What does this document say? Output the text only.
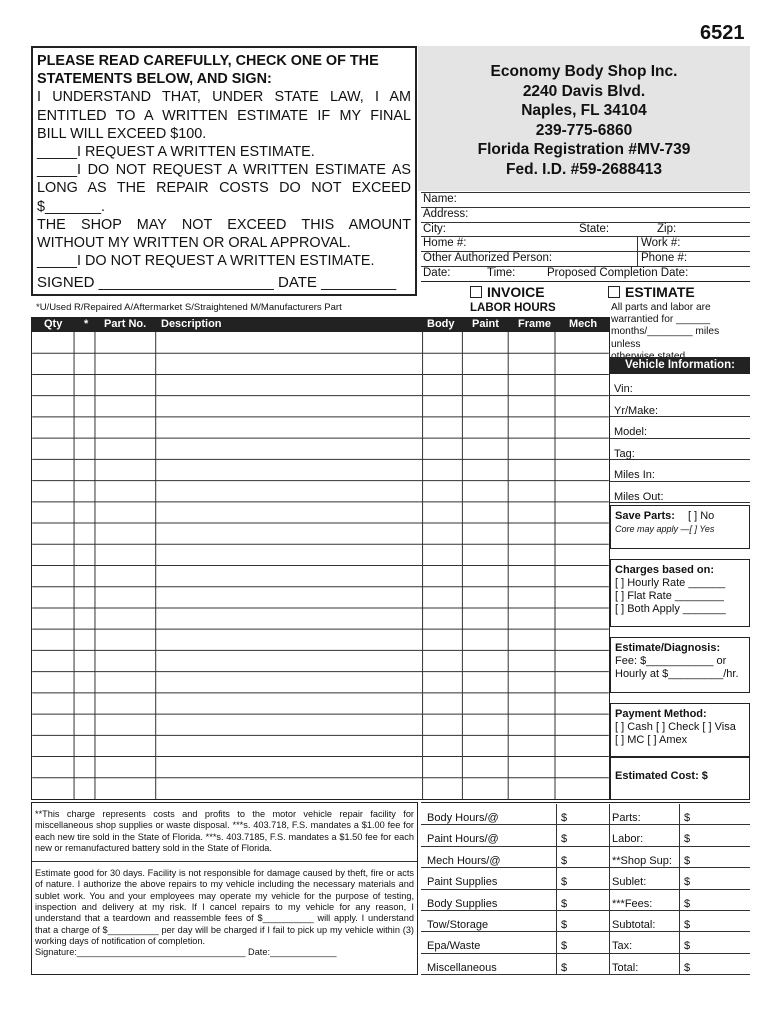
6521
PLEASE READ CAREFULLY, CHECK ONE OF THE
STATEMENTS BELOW, AND SIGN:
I UNDERSTAND THAT, UNDER STATE LAW, I AM
ENTITLED TO A WRITTEN ESTIMATE IF MY FINAL
BILL WILL EXCEED $100.
_____I REQUEST A WRITTEN ESTIMATE.
_____I DO NOT REQUEST A WRITTEN ESTIMATE AS
LONG AS THE REPAIR COSTS DO NOT EXCEED
$_______.
THE SHOP MAY NOT EXCEED THIS AMOUNT
WITHOUT MY WRITTEN OR ORAL APPROVAL.
_____I DO NOT REQUEST A WRITTEN ESTIMATE.
SIGNED _____________________ DATE _________
Economy Body Shop Inc.
2240 Davis Blvd.
Naples, FL 34104
239-775-6860
Florida Registration #MV-739
Fed. I.D. #59-2688413
Name:
Address:
City:	State:	Zip:
Home #:	Work #:
Other Authorized Person:	Phone #:
Date:	Time:	Proposed Completion Date:
INVOICE	ESTIMATE
*U/Used R/Repaired A/Aftermarket S/Straightened M/Manufacturers Part	LABOR HOURS
Qty * Part No. Description	Body Paint Frame Mech
All parts and labor are
warrantied for ______
months/________ miles unless
Vehicle Information:
Vin:
Yr/Make:
Model:
Tag:
Miles In:
Miles Out:
Save Parts: [ ] No
Core may apply —[ ] Yes
Charges based on:
[ ] Hourly Rate ______
[ ] Flat Rate ________
[ ] Both Apply _______
Estimate/Diagnosis:
Fee: $___________ or
Hourly at $_________/hr.
Payment Method:
[ ] Cash [ ] Check [ ] Visa
[ ] MC [ ] Amex
Estimated Cost: $
**This charge represents costs and profits to the motor vehicle repair facility for miscellaneous shop supplies or waste disposal. ***s. 403.718, F.S. mandates a $1.00 fee for each new tire sold in the State of Florida. ***s. 403.7185, F.S. mandates a $1.50 fee for each new or remanufactured battery sold in the State of Florida.
Estimate good for 30 days. Facility is not responsible for damage caused by theft, fire or acts of nature. I authorize the above repairs to my vehicle including the necessary materials and sublet work. You and your employees may operate my vehicle for the purpose of testing, inspection and delivery at my risk. If I cancel repairs to my vehicle for any reason, I understand that a teardown and reassemble fees of $__________ will apply. I understand that a charge of $__________ per day will be charged if I fail to pick up my vehicle within (3) working days of notification of completion.
Signature:_________________________________ Date:_____________
Body Hours/@	$	Parts:	$
Paint Hours/@	$	Labor:	$
Mech Hours/@	$	**Shop Sup:	$
Paint Supplies	$	Sublet:	$
Body Supplies	$	***Fees:	$
Tow/Storage	$	Subtotal:	$
Epa/Waste	$	Tax:	$
Miscellaneous	$	Total:	$
